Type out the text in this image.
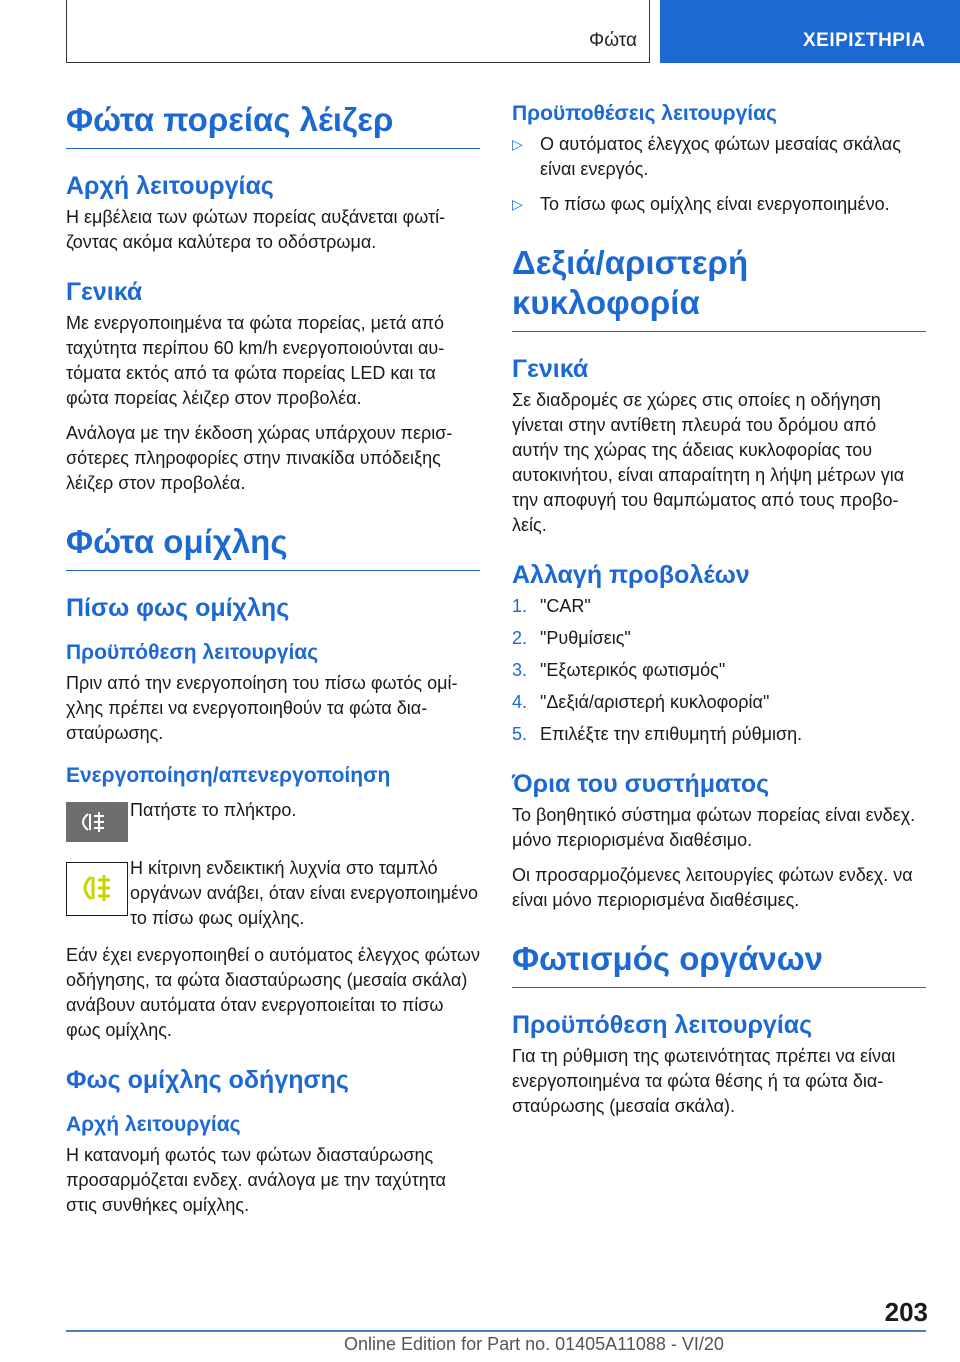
Φώτα	ΧΕΙΡΙΣΤΗΡΙΑ
Φώτα πορείας λέιζερ
Αρχή λειτουργίας

Η εμβέλεια των φώτων πορείας αυξάνεται φωτίζοντας ακόμα καλύτερα το οδόστρωμα.

Γενικά

Με ενεργοποιημένα τα φώτα πορείας, μετά από ταχύτητα περίπου 60 km/h ενεργοποιούνται αυτόματα εκτός από τα φώτα πορείας LED και τα φώτα πορείας λέιζερ στον προβολέα.

Ανάλογα με την έκδοση χώρας υπάρχουν περισσότερες πληροφορίες στην πινακίδα υπόδειξης λέιζερ στον προβολέα.

Φώτα ομίχλης
Πίσω φως ομίχλης
Προϋπόθεση λειτουργίας

Πριν από την ενεργοποίηση του πίσω φωτός ομίχλης πρέπει να ενεργοποιηθούν τα φώτα διασταύρωσης.

Ενεργοποίηση/απενεργοποίηση

Πατήστε το πλήκτρο.

Η κίτρινη ενδεικτική λυχνία στο ταμπλό οργάνων ανάβει, όταν είναι ενεργοποιημένο το πίσω φως ομίχλης.

Εάν έχει ενεργοποιηθεί ο αυτόματος έλεγχος φώτων οδήγησης, τα φώτα διασταύρωσης (μεσαία σκάλα) ανάβουν αυτόματα όταν ενεργοποιείται το πίσω φως ομίχλης.

Φως ομίχλης οδήγησης
Αρχή λειτουργίας

Η κατανομή φωτός των φώτων διασταύρωσης προσαρμόζεται ενδεχ. ανάλογα με την ταχύτητα στις συνθήκες ομίχλης.

Προϋποθέσεις λειτουργίας
▷ Ο αυτόματος έλεγχος φώτων μεσαίας σκάλας είναι ενεργός.
▷ Το πίσω φως ομίχλης είναι ενεργοποιημένο.
Δεξιά/αριστερή κυκλοφορία
Γενικά

Σε διαδρομές σε χώρες στις οποίες η οδήγηση γίνεται στην αντίθετη πλευρά του δρόμου από αυτήν της χώρας της άδειας κυκλοφορίας του αυτοκινήτου, είναι απαραίτητη η λήψη μέτρων για την αποφυγή του θαμπώματος από τους προβολείς.

Αλλαγή προβολέων
1. "CAR"
2. "Ρυθμίσεις"
3. "Εξωτερικός φωτισμός"
4. "Δεξιά/αριστερή κυκλοφορία"
5. Επιλέξτε την επιθυμητή ρύθμιση.
Όρια του συστήματος

Το βοηθητικό σύστημα φώτων πορείας είναι ενδεχ. μόνο περιορισμένα διαθέσιμο.

Οι προσαρμοζόμενες λειτουργίες φώτων ενδεχ. να είναι μόνο περιορισμένα διαθέσιμες.

Φωτισμός οργάνων
Προϋπόθεση λειτουργίας

Για τη ρύθμιση της φωτεινότητας πρέπει να είναι ενεργοποιημένα τα φώτα θέσης ή τα φώτα διασταύρωσης (μεσαία σκάλα).

203
Online Edition for Part no. 01405A11088 - VI/20
